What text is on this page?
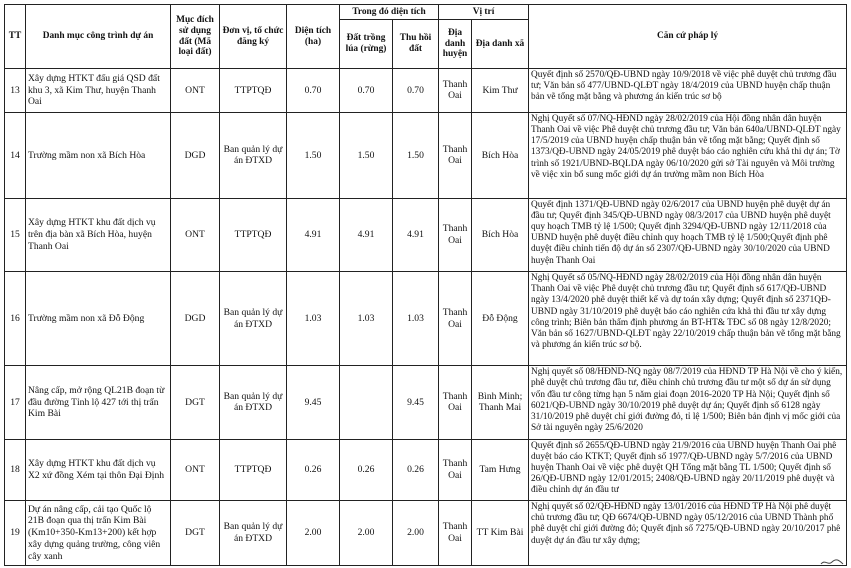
TT	Danh mục công trình dự án	Mục đích sử dụng đất (Mã loại đất)	Đơn vị, tổ chức đăng ký	Diện tích (ha)	Trong đó diện tích		Vị trí		Căn cứ pháp lý
					Đất trồng lúa (rừng)	Thu hồi đất	Địa danh huyện	Địa danh xã	
13	Xây dựng HTKT đấu giá QSD đất khu 3, xã Kim Thư, huyện Thanh Oai	ONT	TTPTQĐ	0.70	0.70	0.70	Thanh Oai	Kim Thư	Quyết định số 2570/QĐ-UBND ngày 10/9/2018 về việc phê duyệt chủ trương đầu tư; Văn bản số 477/UBND-QLĐT ngày 18/4/2019 của UBND huyện chấp thuận bản vẽ tổng mặt bằng và phương án kiến trúc sơ bộ
14	Trường mầm non xã Bích Hòa	DGD	Ban quản lý dự án ĐTXD	1.50	1.50	1.50	Thanh Oai	Bích Hòa	Nghị Quyết số 07/NQ-HĐND ngày 28/02/2019 của Hội đồng nhân dân huyện Thanh Oai về việc Phê duyệt chủ trương đầu tư; Văn bản 640a/UBND-QLĐT ngày 17/5/2019 của UBND huyện chấp thuận bản vẽ tổng mặt bằng; Quyết định số 1373/QĐ-UBND ngày 24/05/2019 phê duyệt báo cáo nghiên cứu khả thi dự án; Tờ trình số 1921/UBND-BQLDA ngày 06/10/2020 gửi sở Tài nguyên và Môi trường về việc xin bổ sung mốc giới dự án trường mầm non Bích Hòa
15	Xây dựng HTKT khu đất dịch vụ trên địa bàn xã Bích Hòa, huyện Thanh Oai	ONT	TTPTQĐ	4.91	4.91	4.91	Thanh Oai	Bích Hòa	Quyết định 1371/QĐ-UBND ngày 02/6/2017 của UBND huyện phê duyệt dự án đầu tư; Quyết định 345/QĐ-UBND ngày 08/3/2017 của UBND huyện phê duyệt quy hoạch TMB tỷ lệ 1/500; Quyết định 3294/QĐ-UBND ngày 12/11/2018 của UBND huyện phê duyệt điều chỉnh quy hoạch TMB tỷ lệ 1/500;Quyết định phê duyệt điều chỉnh tiến độ dự án số 2307/QĐ-UBND ngày 30/10/2020 của UBND huyện Thanh Oai
16	Trường mầm non xã Đỗ Động	DGD	Ban quản lý dự án ĐTXD	1.03	1.03	1.03	Thanh Oai	Đỗ Động	Nghị Quyết số 05/NQ-HĐND ngày 28/02/2019 của Hội đồng nhân dân huyện Thanh Oai về việc Phê duyệt chủ trương đầu tư; Quyết định số 617/QĐ-UBND ngày 13/4/2020 phê duyệt thiết kế và dự toán xây dựng; Quyết định số 2371QĐ-UBND ngày 31/10/2019 phê duyệt báo cáo nghiên cứa khả thi đầu tư xây dựng công trình; Biên bản thẩm định phương án BT-HT& TĐC số 08 ngày 12/8/2020; Văn bản số 1627/UBND-QLĐT ngày 22/10/2019 chấp thuận bản vẽ tổng mặt bằng và phương án kiến trúc sơ bộ.
17	Nâng cấp, mở rộng QL21B đoạn từ đầu đường Tỉnh lộ 427 tới thị trấn Kim Bài	DGT	Ban quản lý dự án ĐTXD	9.45		9.45	Thanh Oai	Bình Minh; Thanh Mai	Nghị quyết số 08/HĐND-NQ ngày 08/7/2019 của HĐND TP Hà Nội về cho ý kiến, phê duyệt chủ trương đầu tư, điều chỉnh chủ trương đầu tư một số dự án sử dụng vốn đầu tư công từng hạn 5 năm giai đoạn 2016-2020 TP Hà Nội; Quyết định số 6021/QĐ-UBND ngày 30/10/2019 phê duyệt dự án; Quyết định số 6128 ngày 31/10/2019 phê duyệt chỉ giới đường đỏ, tỉ lệ 1/500; Biên bản định vị mốc giới của Sở tài nguyên ngày 25/6/2020
18	Xây dựng HTKT khu đất dịch vụ X2 xứ đồng Xém tại thôn Đại Định	ONT	TTPTQĐ	0.26	0.26	0.26	Thanh Oai	Tam Hưng	Quyết định số 2655/QĐ-UBND ngày 21/9/2016 của UBND huyện Thanh Oai phê duyệt báo cáo KTKT; Quyết định số 1977/QĐ-UBND ngày 5/7/2016 của UBND huyện Thanh Oai về việc phê duyệt QH Tổng mặt bằng TL 1/500; Quyết định số 26/QĐ-UBND ngày 12/01/2015; 2408/QĐ-UBND ngày 20/11/2019 phê duyệt và điều chỉnh dự án đầu tư
19	Dự án nâng cấp, cải tạo Quốc lộ 21B đoạn qua thị trấn Kim Bài (Km10+350-Km13+200) kết hợp xây dựng quảng trường, công viên cây xanh	DGT	Ban quản lý dự án ĐTXD	2.00	2.00	2.00	Thanh Oai	TT Kim Bài	Nghị quyết số 02/QĐ-HĐND ngày 13/01/2016 của HĐND TP Hà Nội phê duyệt chủ trương đầu tư; QĐ 6674/QĐ-UBND ngày 05/12/2016 của UBND Thành phố phê duyệt chỉ giới đường đỏ; Quyết định số 7275/QĐ-UBND ngày 20/10/2017 phê duyệt dự án đầu tư xây dựng;
